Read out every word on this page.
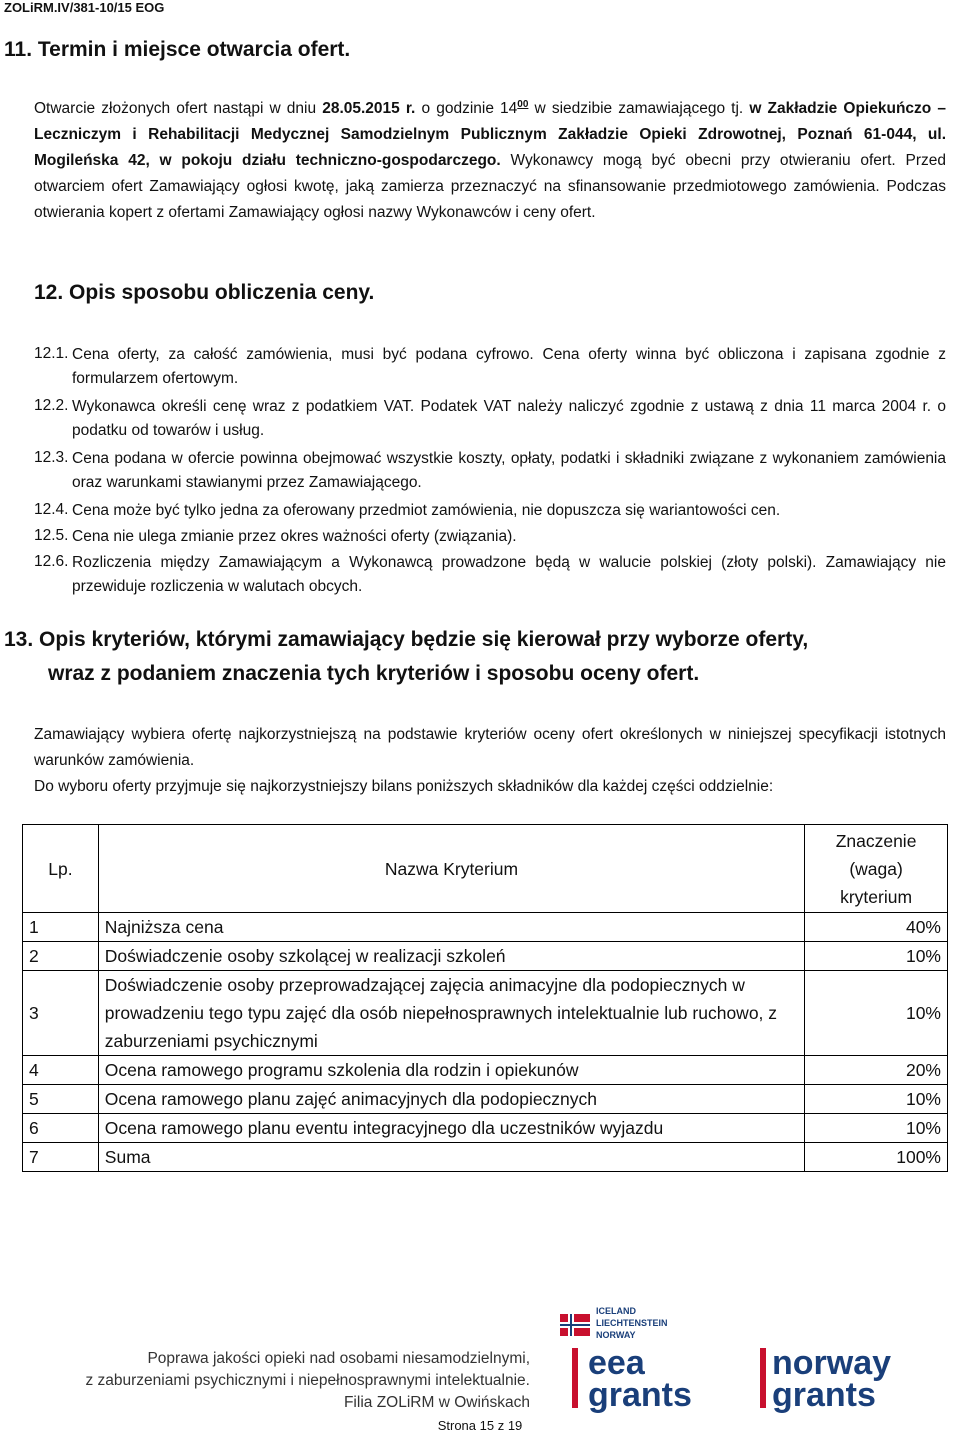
ZOLiRM.IV/381-10/15 EOG
11. Termin i miejsce otwarcia ofert.
Otwarcie złożonych ofert nastąpi w dniu 28.05.2015 r. o godzinie $14^{00}$ w siedzibie zamawiającego tj. w Zakładzie Opiekuńczo – Leczniczym i Rehabilitacji Medycznej Samodzielnym Publicznym Zakładzie Opieki Zdrowotnej, Poznań 61-044, ul. Mogileńska 42, w pokoju działu techniczno-gospodarczego. Wykonawcy mogą być obecni przy otwieraniu ofert. Przed otwarciem ofert Zamawiający ogłosi kwotę, jaką zamierza przeznaczyć na sfinansowanie przedmiotowego zamówienia. Podczas otwierania kopert z ofertami Zamawiający ogłosi nazwy Wykonawców i ceny ofert.
12. Opis sposobu obliczenia ceny.
12.1. Cena oferty, za całość zamówienia, musi być podana cyfrowo. Cena oferty winna być obliczona i zapisana zgodnie z formularzem ofertowym.
12.2. Wykonawca określi cenę wraz z podatkiem VAT. Podatek VAT należy naliczyć zgodnie z ustawą z dnia 11 marca 2004 r. o podatku od towarów i usług.
12.3. Cena podana w ofercie powinna obejmować wszystkie koszty, opłaty, podatki i składniki związane z wykonaniem zamówienia oraz warunkami stawianymi przez Zamawiającego.
12.4. Cena może być tylko jedna za oferowany przedmiot zamówienia, nie dopuszcza się wariantowości cen.
12.5. Cena nie ulega zmianie przez okres ważności oferty (związania).
12.6. Rozliczenia między Zamawiającym a Wykonawcą prowadzone będą w walucie polskiej (złoty polski). Zamawiający nie przewiduje rozliczenia w walutach obcych.
13. Opis kryteriów, którymi zamawiający będzie się kierował przy wyborze oferty,
wraz z podaniem znaczenia tych kryteriów i sposobu oceny ofert.
Zamawiający wybiera ofertę najkorzystniejszą na podstawie kryteriów oceny ofert określonych w niniejszej specyfikacji istotnych warunków zamówienia.
Do wyboru oferty przyjmuje się najkorzystniejszy bilans poniższych składników dla każdej części oddzielnie:
Lp.	Nazwa Kryterium	Znaczenie (waga) kryterium
1	Najniższa cena	40%
2	Doświadczenie osoby szkolącej w realizacji szkoleń	10%
3	Doświadczenie osoby przeprowadzającej zajęcia animacyjne dla podopiecznych w prowadzeniu tego typu zajęć dla osób niepełnosprawnych intelektualnie lub ruchowo, z zaburzeniami psychicznymi	10%
4	Ocena ramowego programu szkolenia dla rodzin i opiekunów	20%
5	Ocena ramowego planu zajęć animacyjnych dla podopiecznych	10%
6	Ocena ramowego planu eventu integracyjnego dla uczestników wyjazdu	10%
7	Suma	100%
Poprawa jakości opieki nad osobami niesamodzielnymi,
z zaburzeniami psychicznymi i niepełnosprawnymi intelektualnie.
Filia ZOLiRM w Owińskach
ICELAND
LIECHTENSTEIN
NORWAY
eea
grants
norway
grants
Strona 15 z 19
